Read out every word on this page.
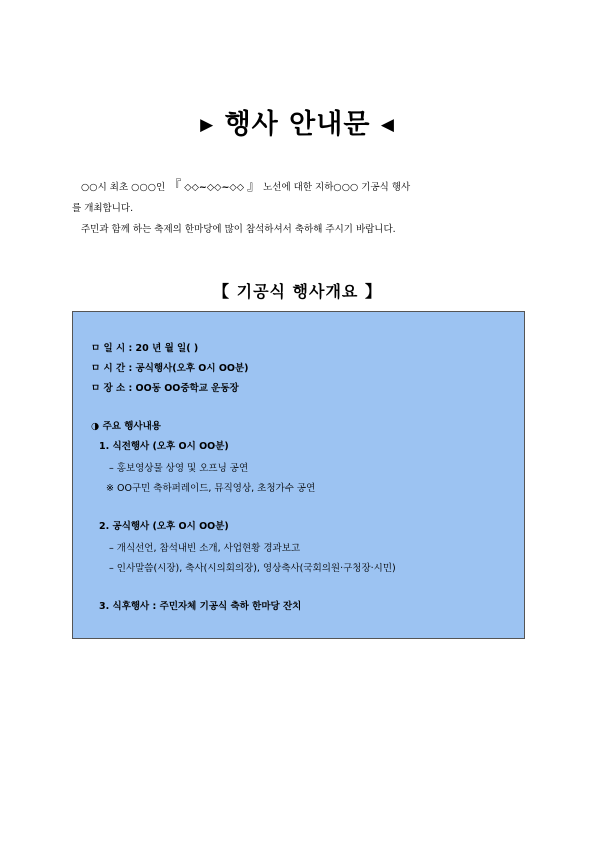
▶ 행사 안내문 ◀

○○시 최초 ○○○인 『 ◇◇~◇◇~◇◇ 』 노선에 대한 지하○○○ 기공식 행사

를 개최합니다.

주민과 함께 하는 축제의 한마당에 많이 참석하셔서 축하해 주시기 바랍니다.

【 기공식 행사개요 】
ㅁ 일 시 : 20 년 월 일( )
ㅁ 시 간 : 공식행사(오후 O시 OO분)
ㅁ 장 소 : OO동 OO중학교 운동장
◑ 주요 행사내용
1. 식전행사 (오후 O시 OO분)
– 홍보영상물 상영 및 오프닝 공연
※ OO구민 축하퍼레이드, 뮤직영상, 초청가수 공연
2. 공식행사 (오후 O시 OO분)
– 개식선언, 참석내빈 소개, 사업현황 경과보고
– 인사말씀(시장), 축사(시의회의장), 영상축사(국회의원·구청장·시민)
3. 식후행사 : 주민자체 기공식 축하 한마당 잔치
